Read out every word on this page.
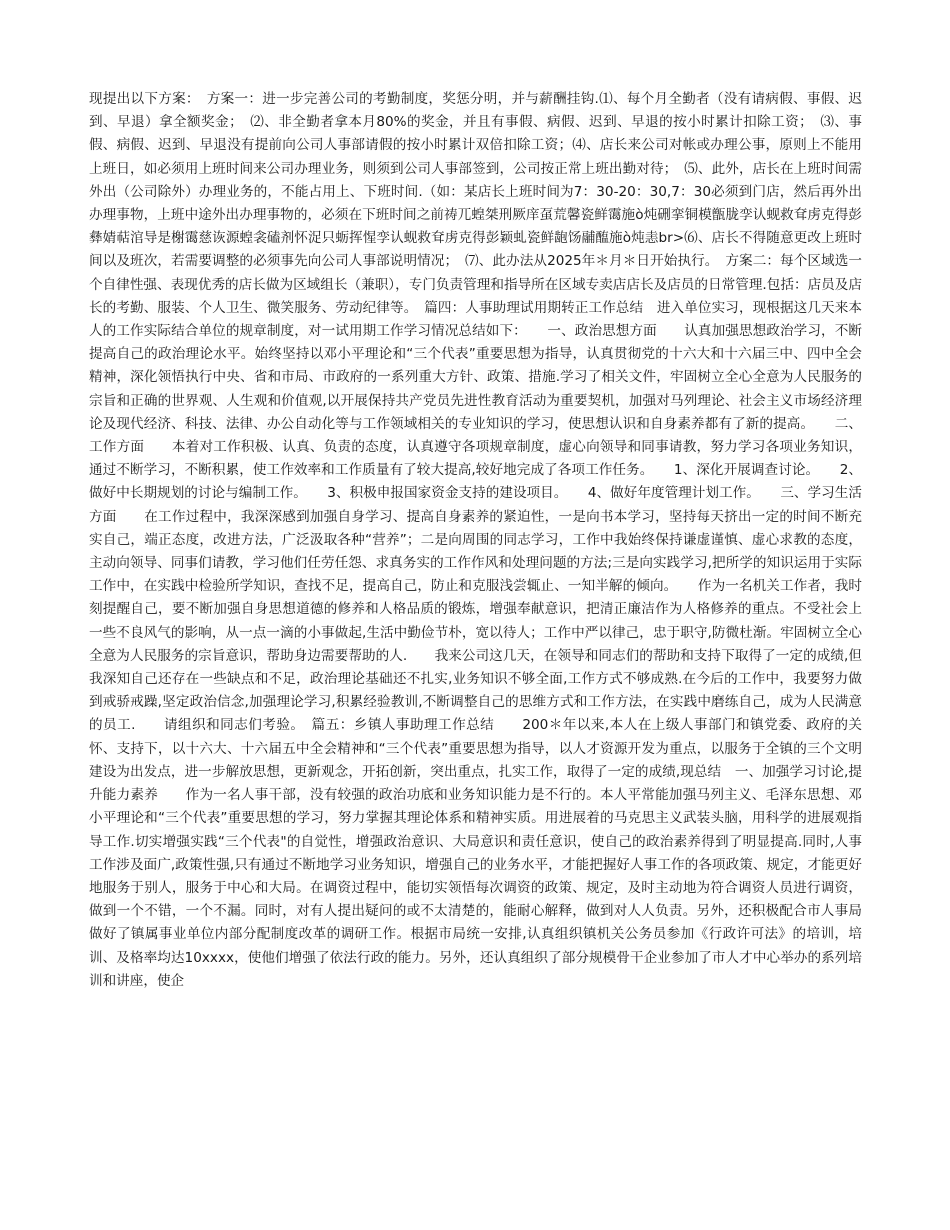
现提出以下方案：　方案一：进一步完善公司的考勤制度，奖惩分明，并与薪酬挂钩.⑴、每个月全勤者（没有请病假、事假、迟到、早退）拿全额奖金；　⑵、非全勤者拿本月80%的奖金，并且有事假、病假、迟到、早退的按小时累计扣除工资；　⑶、事假、病假、迟到、早退没有提前向公司人事部请假的按小时累计双倍扣除工资；⑷、店长来公司对帐或办理公事，原则上不能用上班日，如必须用上班时间来公司办理业务，则须到公司人事部签到，公司按正常上班出勤对待；　⑸、此外，店长在上班时间需外出（公司除外）办理业务的，不能占用上、下班时间.（如：某店长上班时间为7：30-20：30,7：30必须到门店，然后再外出办理事物，上班中途外出办理事物的，必须在下班时间之前祷兀蝗桀刑厥庠虿荒馨瓷鲜霭施ò炖硎挛铜模甑胧孪认蚬救耷虏克得彭彝婧萜涫导是榭霭慈诙源蝗衾磕剂怀浞只蛎挥惺孪认蚬救耷虏克得彭颖虬瓷鲜龅饧鬴醢施ò炖恚br>⑹、店长不得随意更改上班时间以及班次，若需要调整的必须事先向公司人事部说明情况；　⑺、此办法从2025年＊月＊日开始执行。　方案二：每个区域选一个自律性强、表现优秀的店长做为区域组长（兼职），专门负责管理和指导所在区域专卖店店长及店员的日常管理.包括：店员及店长的考勤、服装、个人卫生、微笑服务、劳动纪律等。　篇四：人事助理试用期转正工作总结　进入单位实习，现根据这几天来本人的工作实际结合单位的规章制度，对一试用期工作学习情况总结如下：　　一、政治思想方面　　认真加强思想政治学习，不断提高自己的政治理论水平。始终坚持以邓小平理论和“三个代表”重要思想为指导，认真贯彻党的十六大和十六届三中、四中全会精神，深化领悟执行中央、省和市局、市政府的一系列重大方针、政策、措施.学习了相关文件，牢固树立全心全意为人民服务的宗旨和正确的世界观、人生观和价值观,以开展保持共产党员先进性教育活动为重要契机，加强对马列理论、社会主义市场经济理论及现代经济、科技、法律、办公自动化等与工作领域相关的专业知识的学习，使思想认识和自身素养都有了新的提高。　　二、工作方面　　本着对工作积极、认真、负责的态度，认真遵守各项规章制度，虚心向领导和同事请教，努力学习各项业务知识，通过不断学习，不断积累，使工作效率和工作质量有了较大提高,较好地完成了各项工作任务。　　1、深化开展调查讨论。　　2、做好中长期规划的讨论与编制工作。　　3、积极申报国家资金支持的建设项目。　　4、做好年度管理计划工作。　　三、学习生活方面　　在工作过程中，我深深感到加强自身学习、提高自身素养的紧迫性，一是向书本学习，坚持每天挤出一定的时间不断充实自己，端正态度，改进方法，广泛汲取各种“营养”；二是向周围的同志学习，工作中我始终保持谦虚谨慎、虚心求教的态度，主动向领导、同事们请教，学习他们任劳任怨、求真务实的工作作风和处理问题的方法;三是向实践学习,把所学的知识运用于实际工作中，在实践中检验所学知识，查找不足，提高自己，防止和克服浅尝辄止、一知半解的倾向。　　作为一名机关工作者，我时刻提醒自己，要不断加强自身思想道德的修养和人格品质的锻炼，增强奉献意识，把清正廉洁作为人格修养的重点。不受社会上一些不良风气的影响，从一点一滴的小事做起,生活中勤俭节朴，宽以待人；工作中严以律己，忠于职守,防微杜渐。牢固树立全心全意为人民服务的宗旨意识，帮助身边需要帮助的人.　　我来公司这几天，在领导和同志们的帮助和支持下取得了一定的成绩,但我深知自己还存在一些缺点和不足，政治理论基础还不扎实,业务知识不够全面,工作方式不够成熟.在今后的工作中，我要努力做到戒骄戒躁,坚定政治信念,加强理论学习,积累经验教训,不断调整自己的思维方式和工作方法，在实践中磨练自己，成为人民满意的员工.　　请组织和同志们考验。　篇五：乡镇人事助理工作总结　　200＊年以来,本人在上级人事部门和镇党委、政府的关怀、支持下，以十六大、十六届五中全会精神和“三个代表”重要思想为指导，以人才资源开发为重点，以服务于全镇的三个文明建设为出发点，进一步解放思想，更新观念，开拓创新，突出重点，扎实工作，取得了一定的成绩,现总结　一、加强学习讨论,提升能力素养　　作为一名人事干部，没有较强的政治功底和业务知识能力是不行的。本人平常能加强马列主义、毛泽东思想、邓小平理论和“三个代表”重要思想的学习，努力掌握其理论体系和精神实质。用进展着的马克思主义武装头脑，用科学的进展观指导工作.切实增强实践“三个代表"的自觉性，增强政治意识、大局意识和责任意识，使自己的政治素养得到了明显提高.同时,人事工作涉及面广,政策性强,只有通过不断地学习业务知识，增强自己的业务水平，才能把握好人事工作的各项政策、规定，才能更好地服务于别人，服务于中心和大局。在调资过程中，能切实领悟每次调资的政策、规定，及时主动地为符合调资人员进行调资，做到一个不错，一个不漏。同时，对有人提出疑问的或不太清楚的，能耐心解释，做到对人人负责。另外，还积极配合市人事局做好了镇属事业单位内部分配制度改革的调研工作。根据市局统一安排,认真组织镇机关公务员参加《行政许可法》的培训，培训、及格率均达10xxxx，使他们增强了依法行政的能力。另外，还认真组织了部分规模骨干企业参加了市人才中心举办的系列培训和讲座，使企
